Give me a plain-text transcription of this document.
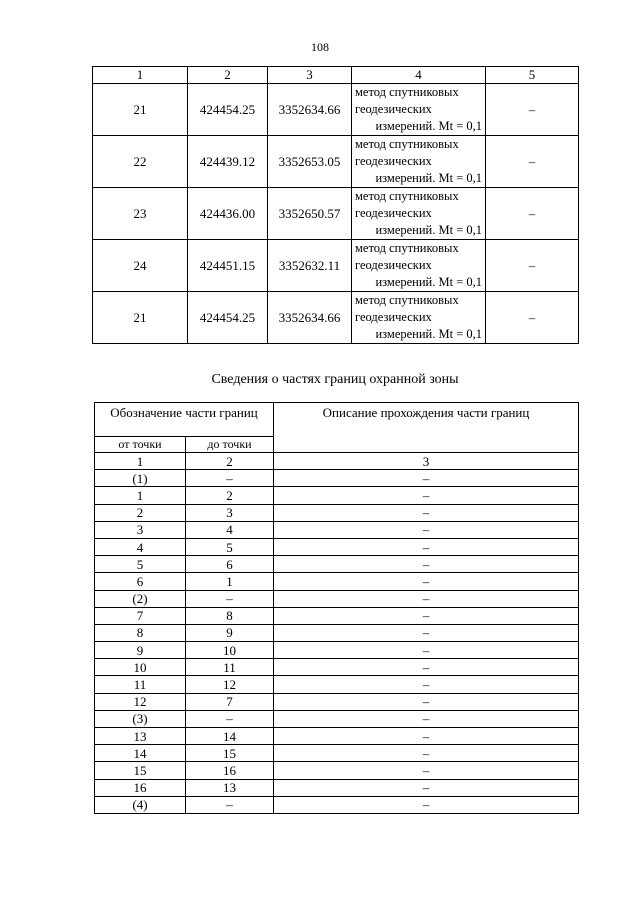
108
1	2	3	4	5
21	424454.25	3352634.66	метод спутниковых
геодезических
измерений. Mt = 0,1	–
22	424439.12	3352653.05	метод спутниковых
геодезических
измерений. Mt = 0,1	–
23	424436.00	3352650.57	метод спутниковых
геодезических
измерений. Mt = 0,1	–
24	424451.15	3352632.11	метод спутниковых
геодезических
измерений. Mt = 0,1	–
21	424454.25	3352634.66	метод спутниковых
геодезических
измерений. Mt = 0,1	–
Сведения о частях границ охранной зоны
Обозначение части границ		Описание прохождения части границ
от точки	до точки	
1	2	3
(1)	–	–
1	2	–
2	3	–
3	4	–
4	5	–
5	6	–
6	1	–
(2)	–	–
7	8	–
8	9	–
9	10	–
10	11	–
11	12	–
12	7	–
(3)	–	–
13	14	–
14	15	–
15	16	–
16	13	–
(4)	–	–
